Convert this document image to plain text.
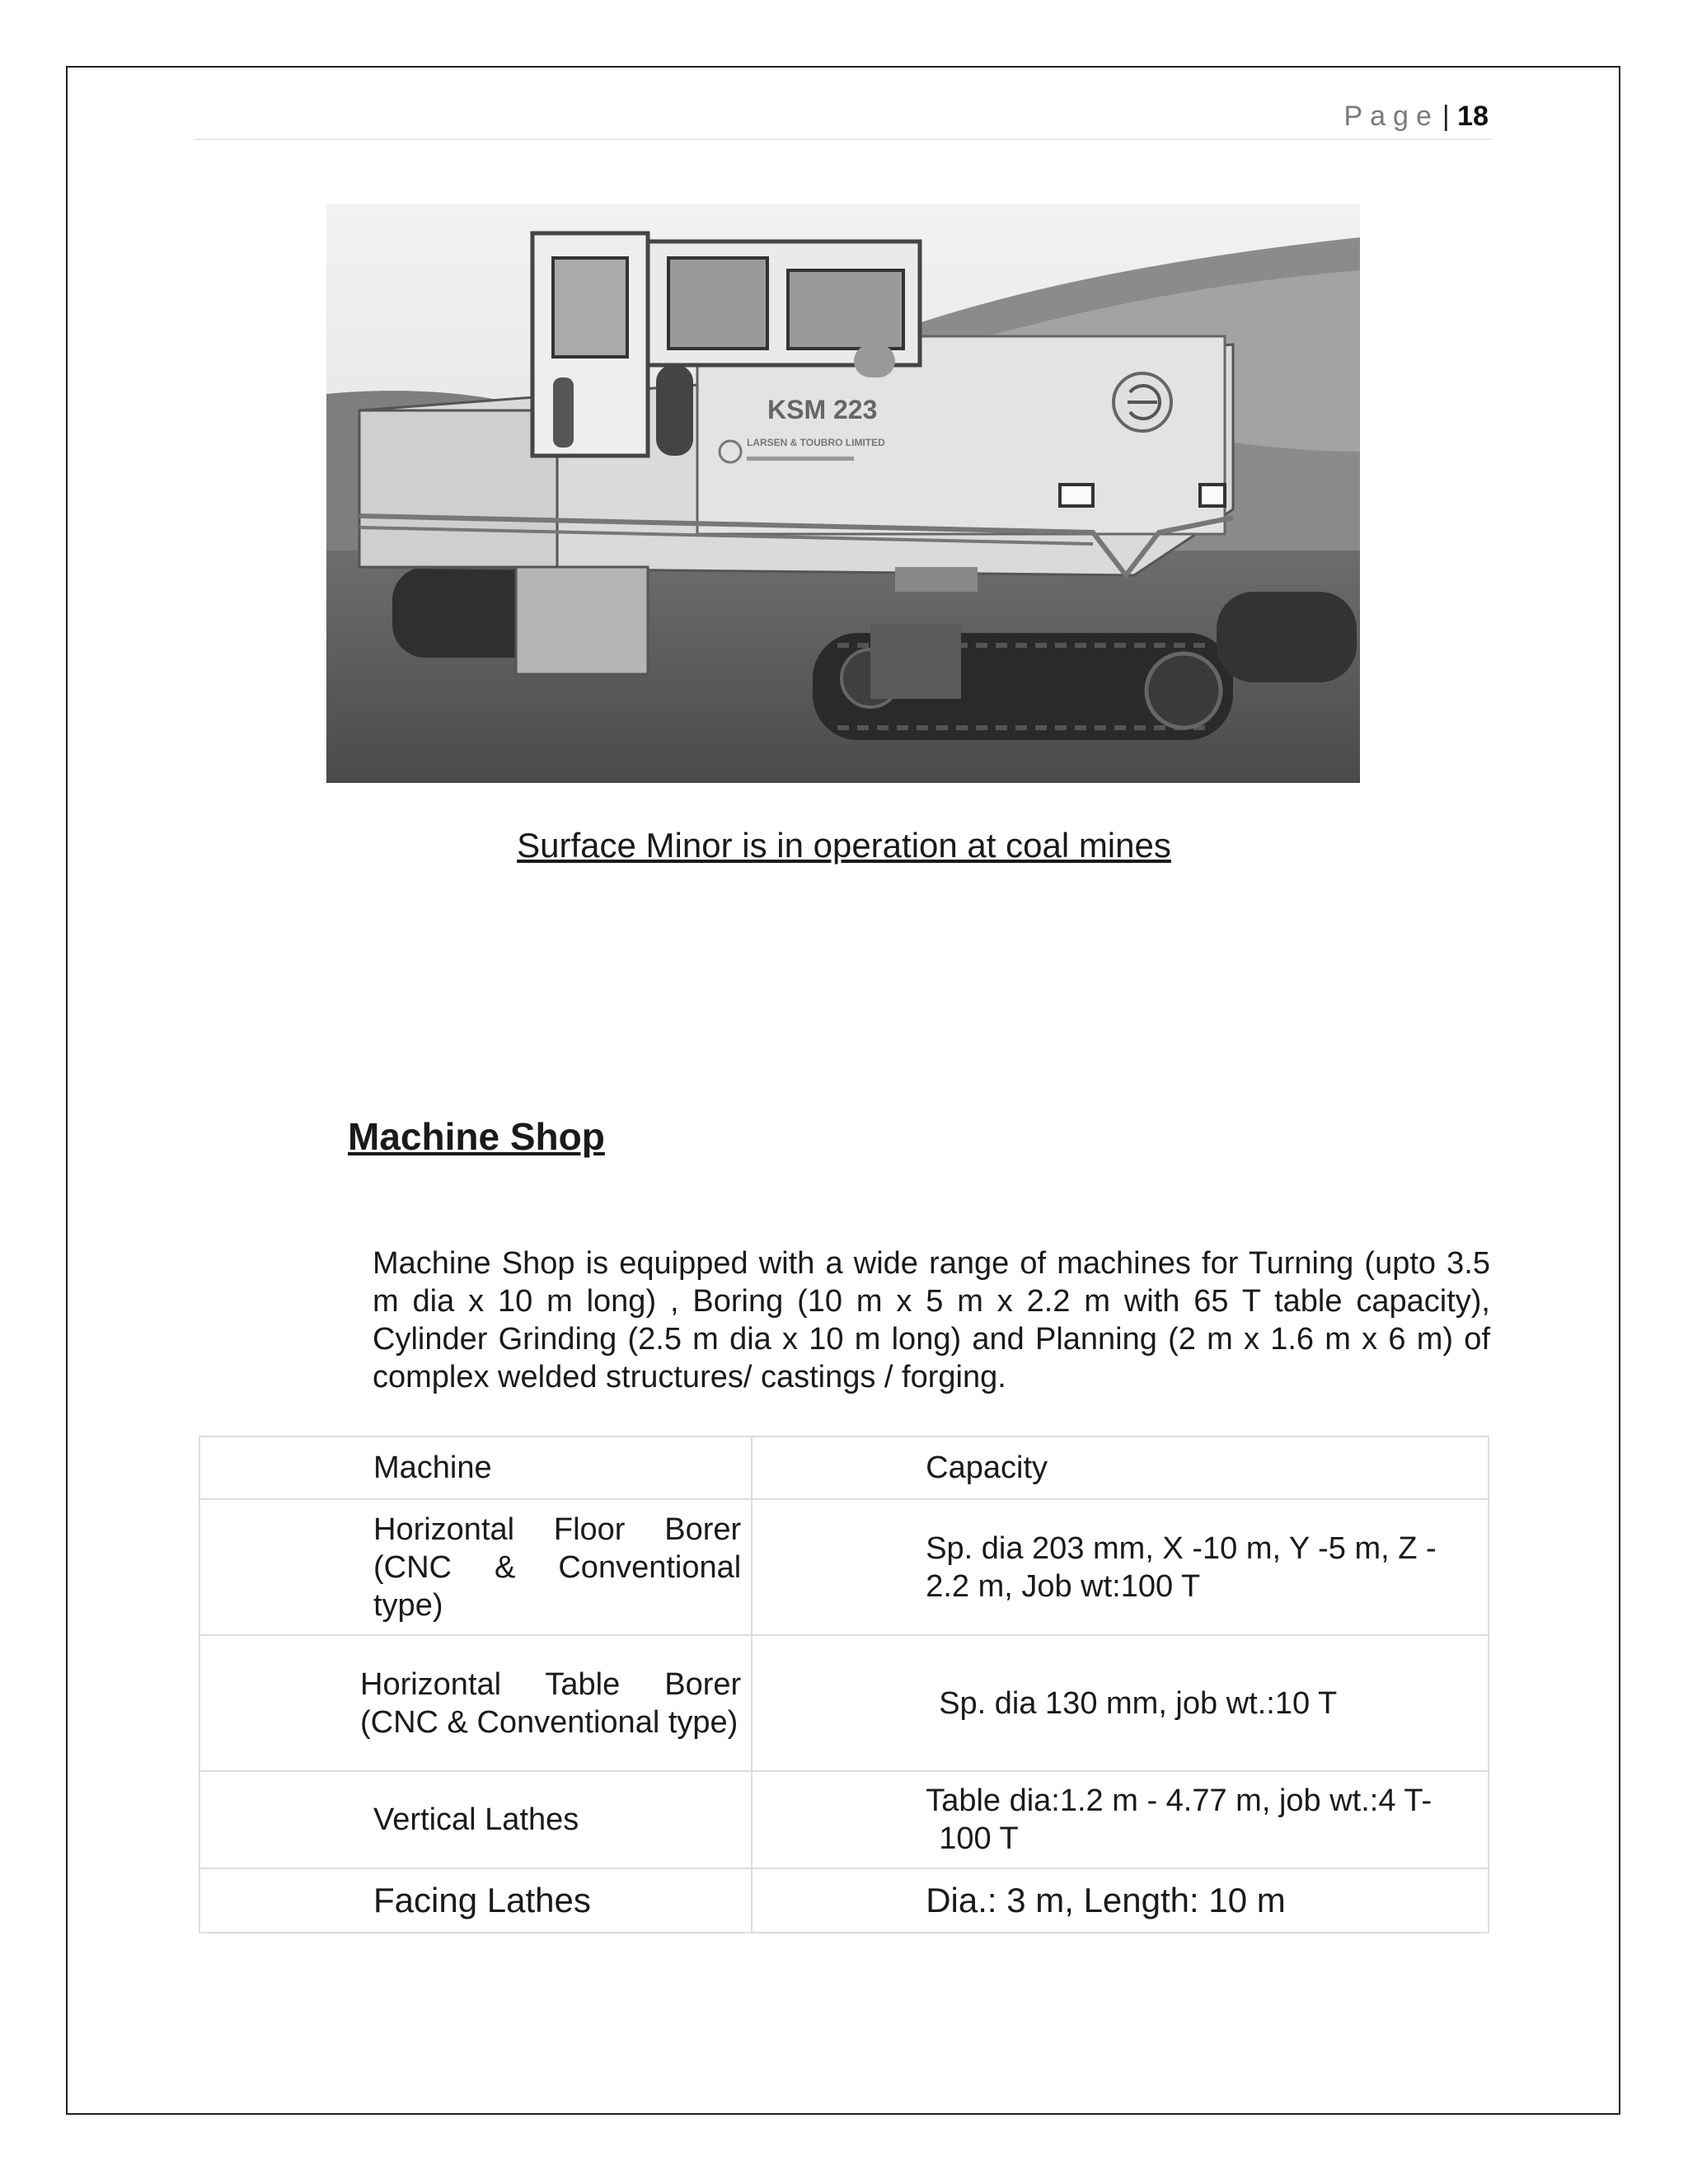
Page | 18
KSM 223
LARSEN & TOUBRO LIMITED
Surface Minor is in operation at coal mines
Machine Shop

Machine Shop is equipped with a wide range of machines for Turning (upto 3.5 m dia x 10 m long) , Boring (10 m x 5 m x 2.2 m with 65 T table capacity), Cylinder Grinding (2.5 m dia x 10 m long) and Planning (2 m x 1.6 m x 6 m) of complex welded structures/ castings / forging.

Machine	Capacity

Horizontal Floor Borer (CNC & Conventional type)	Sp. dia 203 mm, X -10 m, Y -5 m, Z - 2.2 m, Job wt:100 T

Horizontal Table Borer (CNC & Conventional type)	Sp. dia 130 mm, job wt.:10 T

Vertical Lathes	Table dia:1.2 m - 4.77 m, job wt.:4 T-
100 T

Facing Lathes	Dia.: 3 m, Length: 10 m
